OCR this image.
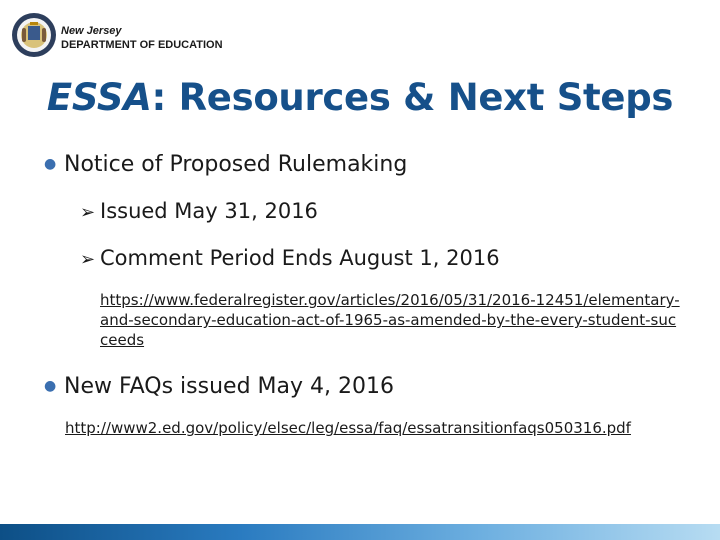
New Jersey
DEPARTMENT OF EDUCATION
ESSA: Resources & Next Steps
● Notice of Proposed Rulemaking
➢ Issued May 31, 2016
➢ Comment Period Ends August 1, 2016
https://www.federalregister.gov/articles/2016/05/31/2016-12451/elementary-and-secondary-education-act-of-1965-as-amended-by-the-every-student-succeeds
● New FAQs issued May 4, 2016
http://www2.ed.gov/policy/elsec/leg/essa/faq/essatransitionfaqs050316.pdf
